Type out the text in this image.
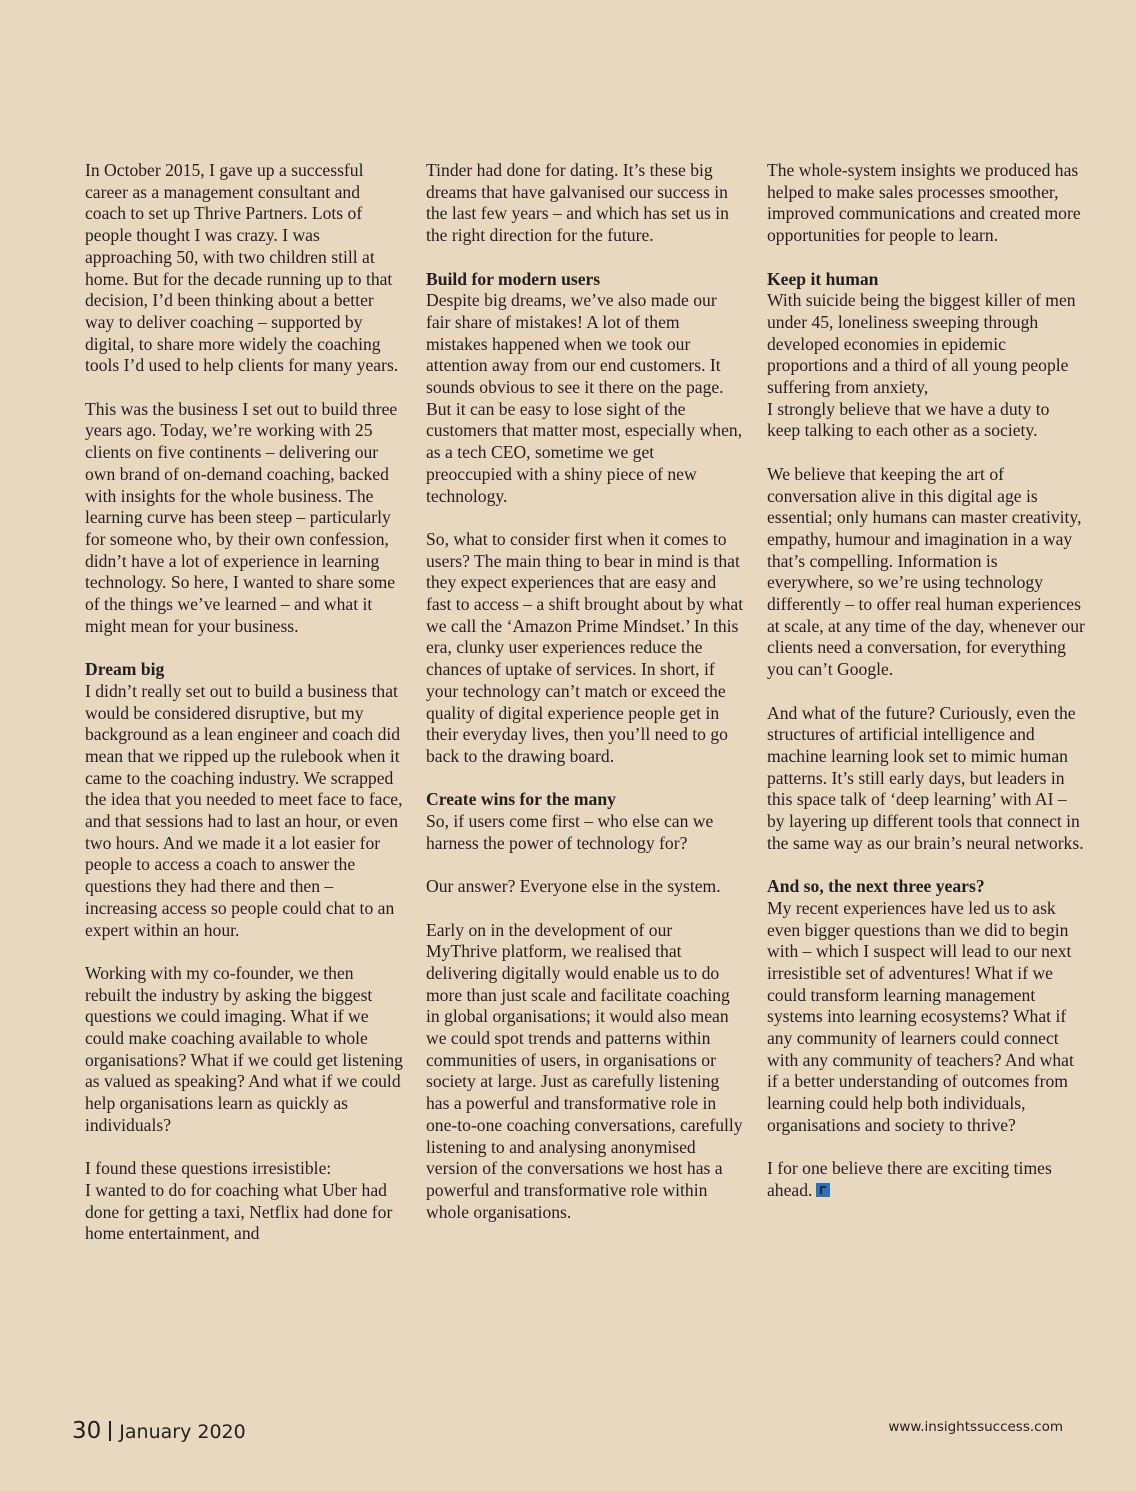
In October 2015, I gave up a successful career as a management consultant and coach to set up Thrive Partners. Lots of people thought I was crazy. I was approaching 50, with two children still at home. But for the decade running up to that decision, I’d been thinking about a better way to deliver coaching – supported by digital, to share more widely the coaching tools I’d used to help clients for many years.

This was the business I set out to build three years ago. Today, we’re working with 25 clients on five continents – delivering our own brand of on-demand coaching, backed with insights for the whole business. The learning curve has been steep – particularly for someone who, by their own confession, didn’t have a lot of experience in learning technology. So here, I wanted to share some of the things we’ve learned – and what it might mean for your business.

Dream big

I didn’t really set out to build a business that would be considered disruptive, but my background as a lean engineer and coach did mean that we ripped up the rulebook when it came to the coaching industry. We scrapped the idea that you needed to meet face to face, and that sessions had to last an hour, or even two hours. And we made it a lot easier for people to access a coach to answer the questions they had there and then – increasing access so people could chat to an expert within an hour.

Working with my co-founder, we then rebuilt the industry by asking the biggest questions we could imaging. What if we could make coaching available to whole organisations? What if we could get listening as valued as speaking? And what if we could help organisations learn as quickly as individuals?

I found these questions irresistible:
I wanted to do for coaching what Uber had done for getting a taxi, Netflix had done for home entertainment, and

Tinder had done for dating. It’s these big dreams that have galvanised our success in the last few years – and which has set us in the right direction for the future.

Build for modern users

Despite big dreams, we’ve also made our fair share of mistakes! A lot of them mistakes happened when we took our attention away from our end customers. It sounds obvious to see it there on the page. But it can be easy to lose sight of the customers that matter most, especially when, as a tech CEO, sometime we get preoccupied with a shiny piece of new technology.

So, what to consider first when it comes to users? The main thing to bear in mind is that they expect experiences that are easy and fast to access – a shift brought about by what we call the ‘Amazon Prime Mindset.’ In this era, clunky user experiences reduce the chances of uptake of services. In short, if your technology can’t match or exceed the quality of digital experience people get in their everyday lives, then you’ll need to go back to the drawing board.

Create wins for the many

So, if users come first – who else can we harness the power of technology for?

Our answer? Everyone else in the system.

Early on in the development of our MyThrive platform, we realised that delivering digitally would enable us to do more than just scale and facilitate coaching in global organisations; it would also mean we could spot trends and patterns within communities of users, in organisations or society at large. Just as carefully listening has a powerful and transformative role in one-to-one coaching conversations, carefully listening to and analysing anonymised version of the conversations we host has a powerful and transformative role within whole organisations.

The whole-system insights we produced has helped to make sales processes smoother, improved communications and created more opportunities for people to learn.

Keep it human

With suicide being the biggest killer of men under 45, loneliness sweeping through developed economies in epidemic proportions and a third of all young people suffering from anxiety,
I strongly believe that we have a duty to keep talking to each other as a society.

We believe that keeping the art of conversation alive in this digital age is essential; only humans can master creativity, empathy, humour and imagination in a way that’s compelling. Information is everywhere, so we’re using technology differently – to offer real human experiences at scale, at any time of the day, whenever our clients need a conversation, for everything you can’t Google.

And what of the future? Curiously, even the structures of artificial intelligence and machine learning look set to mimic human patterns. It’s still early days, but leaders in this space talk of ‘deep learning’ with AI – by layering up different tools that connect in the same way as our brain’s neural networks.

And so, the next three years?

My recent experiences have led us to ask even bigger questions than we did to begin with – which I suspect will lead to our next irresistible set of adventures! What if we could transform learning management systems into learning ecosystems? What if any community of learners could connect with any community of teachers? And what if a better understanding of outcomes from learning could help both individuals, organisations and society to thrive?

I for one believe there are exciting times ahead.

30 January 2020	www.insightssuccess.com
